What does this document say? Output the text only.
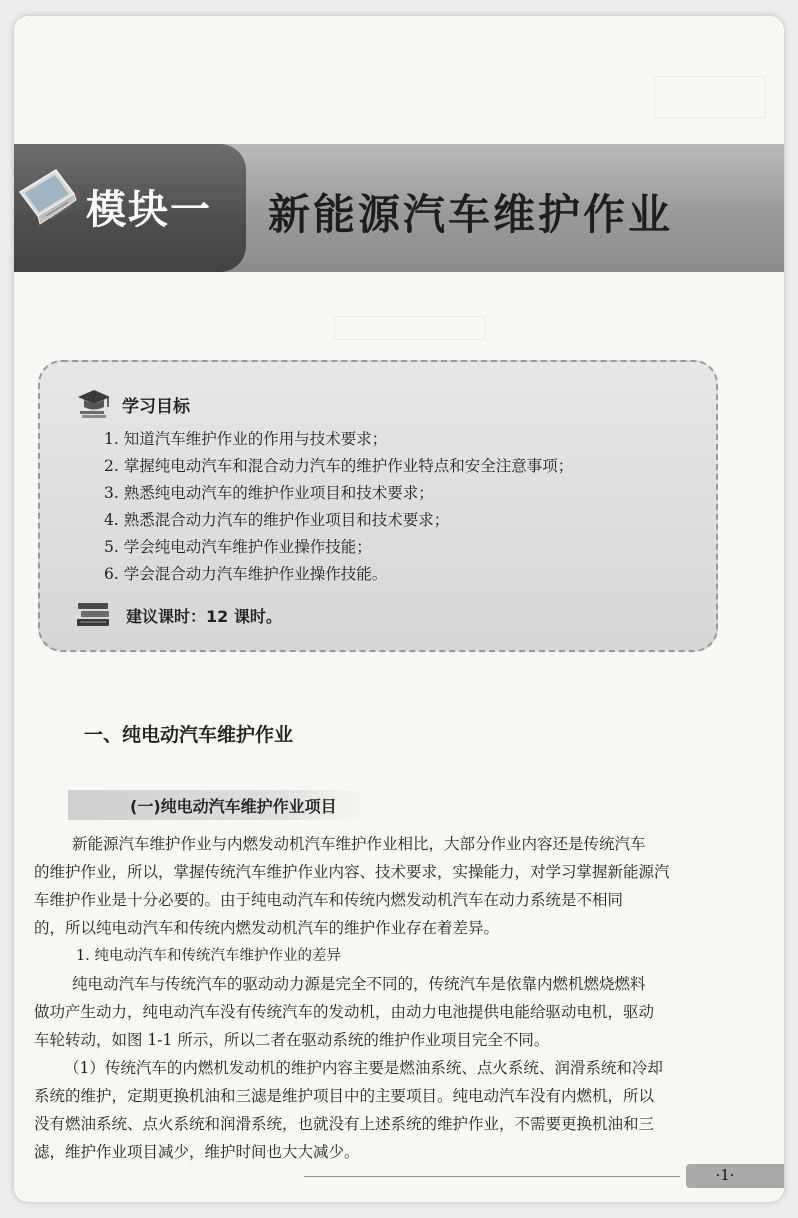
模块一 新能源汽车维护作业
学习目标
1. 知道汽车维护作业的作用与技术要求；
2. 掌握纯电动汽车和混合动力汽车的维护作业特点和安全注意事项；
3. 熟悉纯电动汽车的维护作业项目和技术要求；
4. 熟悉混合动力汽车的维护作业项目和技术要求；
5. 学会纯电动汽车维护作业操作技能；
6. 学会混合动力汽车维护作业操作技能。
建议课时：12 课时。
一、纯电动汽车维护作业
(一)纯电动汽车维护作业项目

新能源汽车维护作业与内燃发动机汽车维护作业相比，大部分作业内容还是传统汽车

的维护作业，所以，掌握传统汽车维护作业内容、技术要求，实操能力，对学习掌握新能源汽

车维护作业是十分必要的。由于纯电动汽车和传统内燃发动机汽车在动力系统是不相同

的，所以纯电动汽车和传统内燃发动机汽车的维护作业存在着差异。

1. 纯电动汽车和传统汽车维护作业的差异

纯电动汽车与传统汽车的驱动动力源是完全不同的，传统汽车是依靠内燃机燃烧燃料

做功产生动力，纯电动汽车没有传统汽车的发动机，由动力电池提供电能给驱动电机，驱动

车轮转动，如图 1-1 所示，所以二者在驱动系统的维护作业项目完全不同。

（1）传统汽车的内燃机发动机的维护内容主要是燃油系统、点火系统、润滑系统和冷却

系统的维护，定期更换机油和三滤是维护项目中的主要项目。纯电动汽车没有内燃机，所以

没有燃油系统、点火系统和润滑系统，也就没有上述系统的维护作业，不需要更换机油和三

滤，维护作业项目减少，维护时间也大大减少。

·1·
